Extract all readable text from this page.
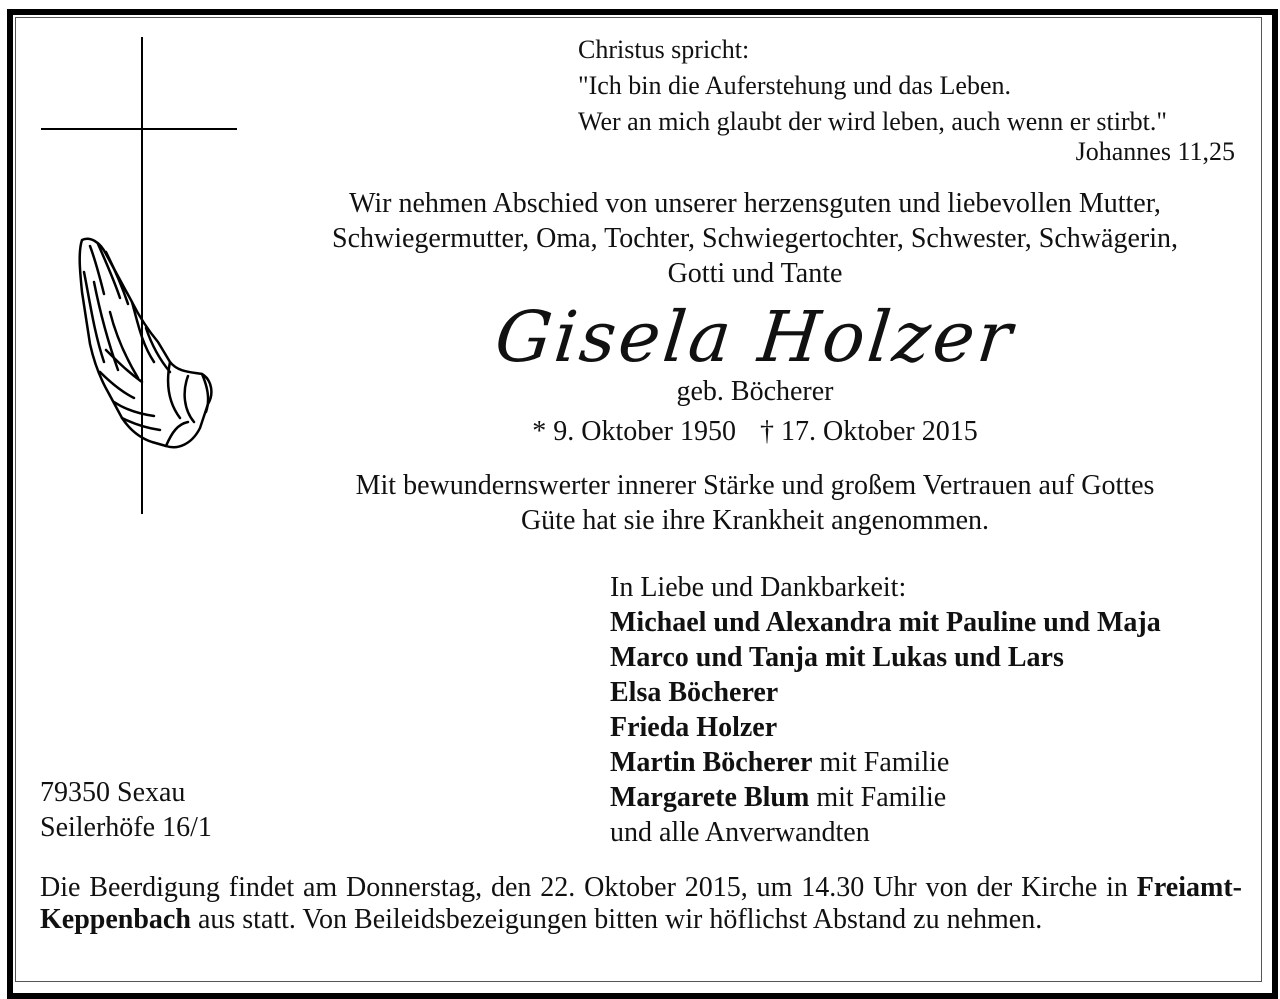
Christus spricht:
"Ich bin die Auferstehung und das Leben.
Wer an mich glaubt der wird leben, auch wenn er stirbt."
Johannes 11,25
Wir nehmen Abschied von unserer herzensguten und liebevollen Mutter,
Schwiegermutter, Oma, Tochter, Schwiegertochter, Schwester, Schwägerin,
Gotti und Tante
Gisela Holzer
geb. Böcherer
* 9. Oktober 1950 † 17. Oktober 2015
Mit bewundernswerter innerer Stärke und großem Vertrauen auf Gottes
Güte hat sie ihre Krankheit angenommen.
In Liebe und Dankbarkeit:
Michael und Alexandra mit Pauline und Maja
Marco und Tanja mit Lukas und Lars
Elsa Böcherer
Frieda Holzer
Martin Böcherer mit Familie
Margarete Blum mit Familie
und alle Anverwandten
79350 Sexau
Seilerhöfe 16/1
Die Beerdigung findet am Donnerstag, den 22. Oktober 2015, um 14.30 Uhr von der Kirche in Freiamt-Keppenbach aus statt. Von Beileidsbezeigungen bitten wir höflichst Abstand zu nehmen.
